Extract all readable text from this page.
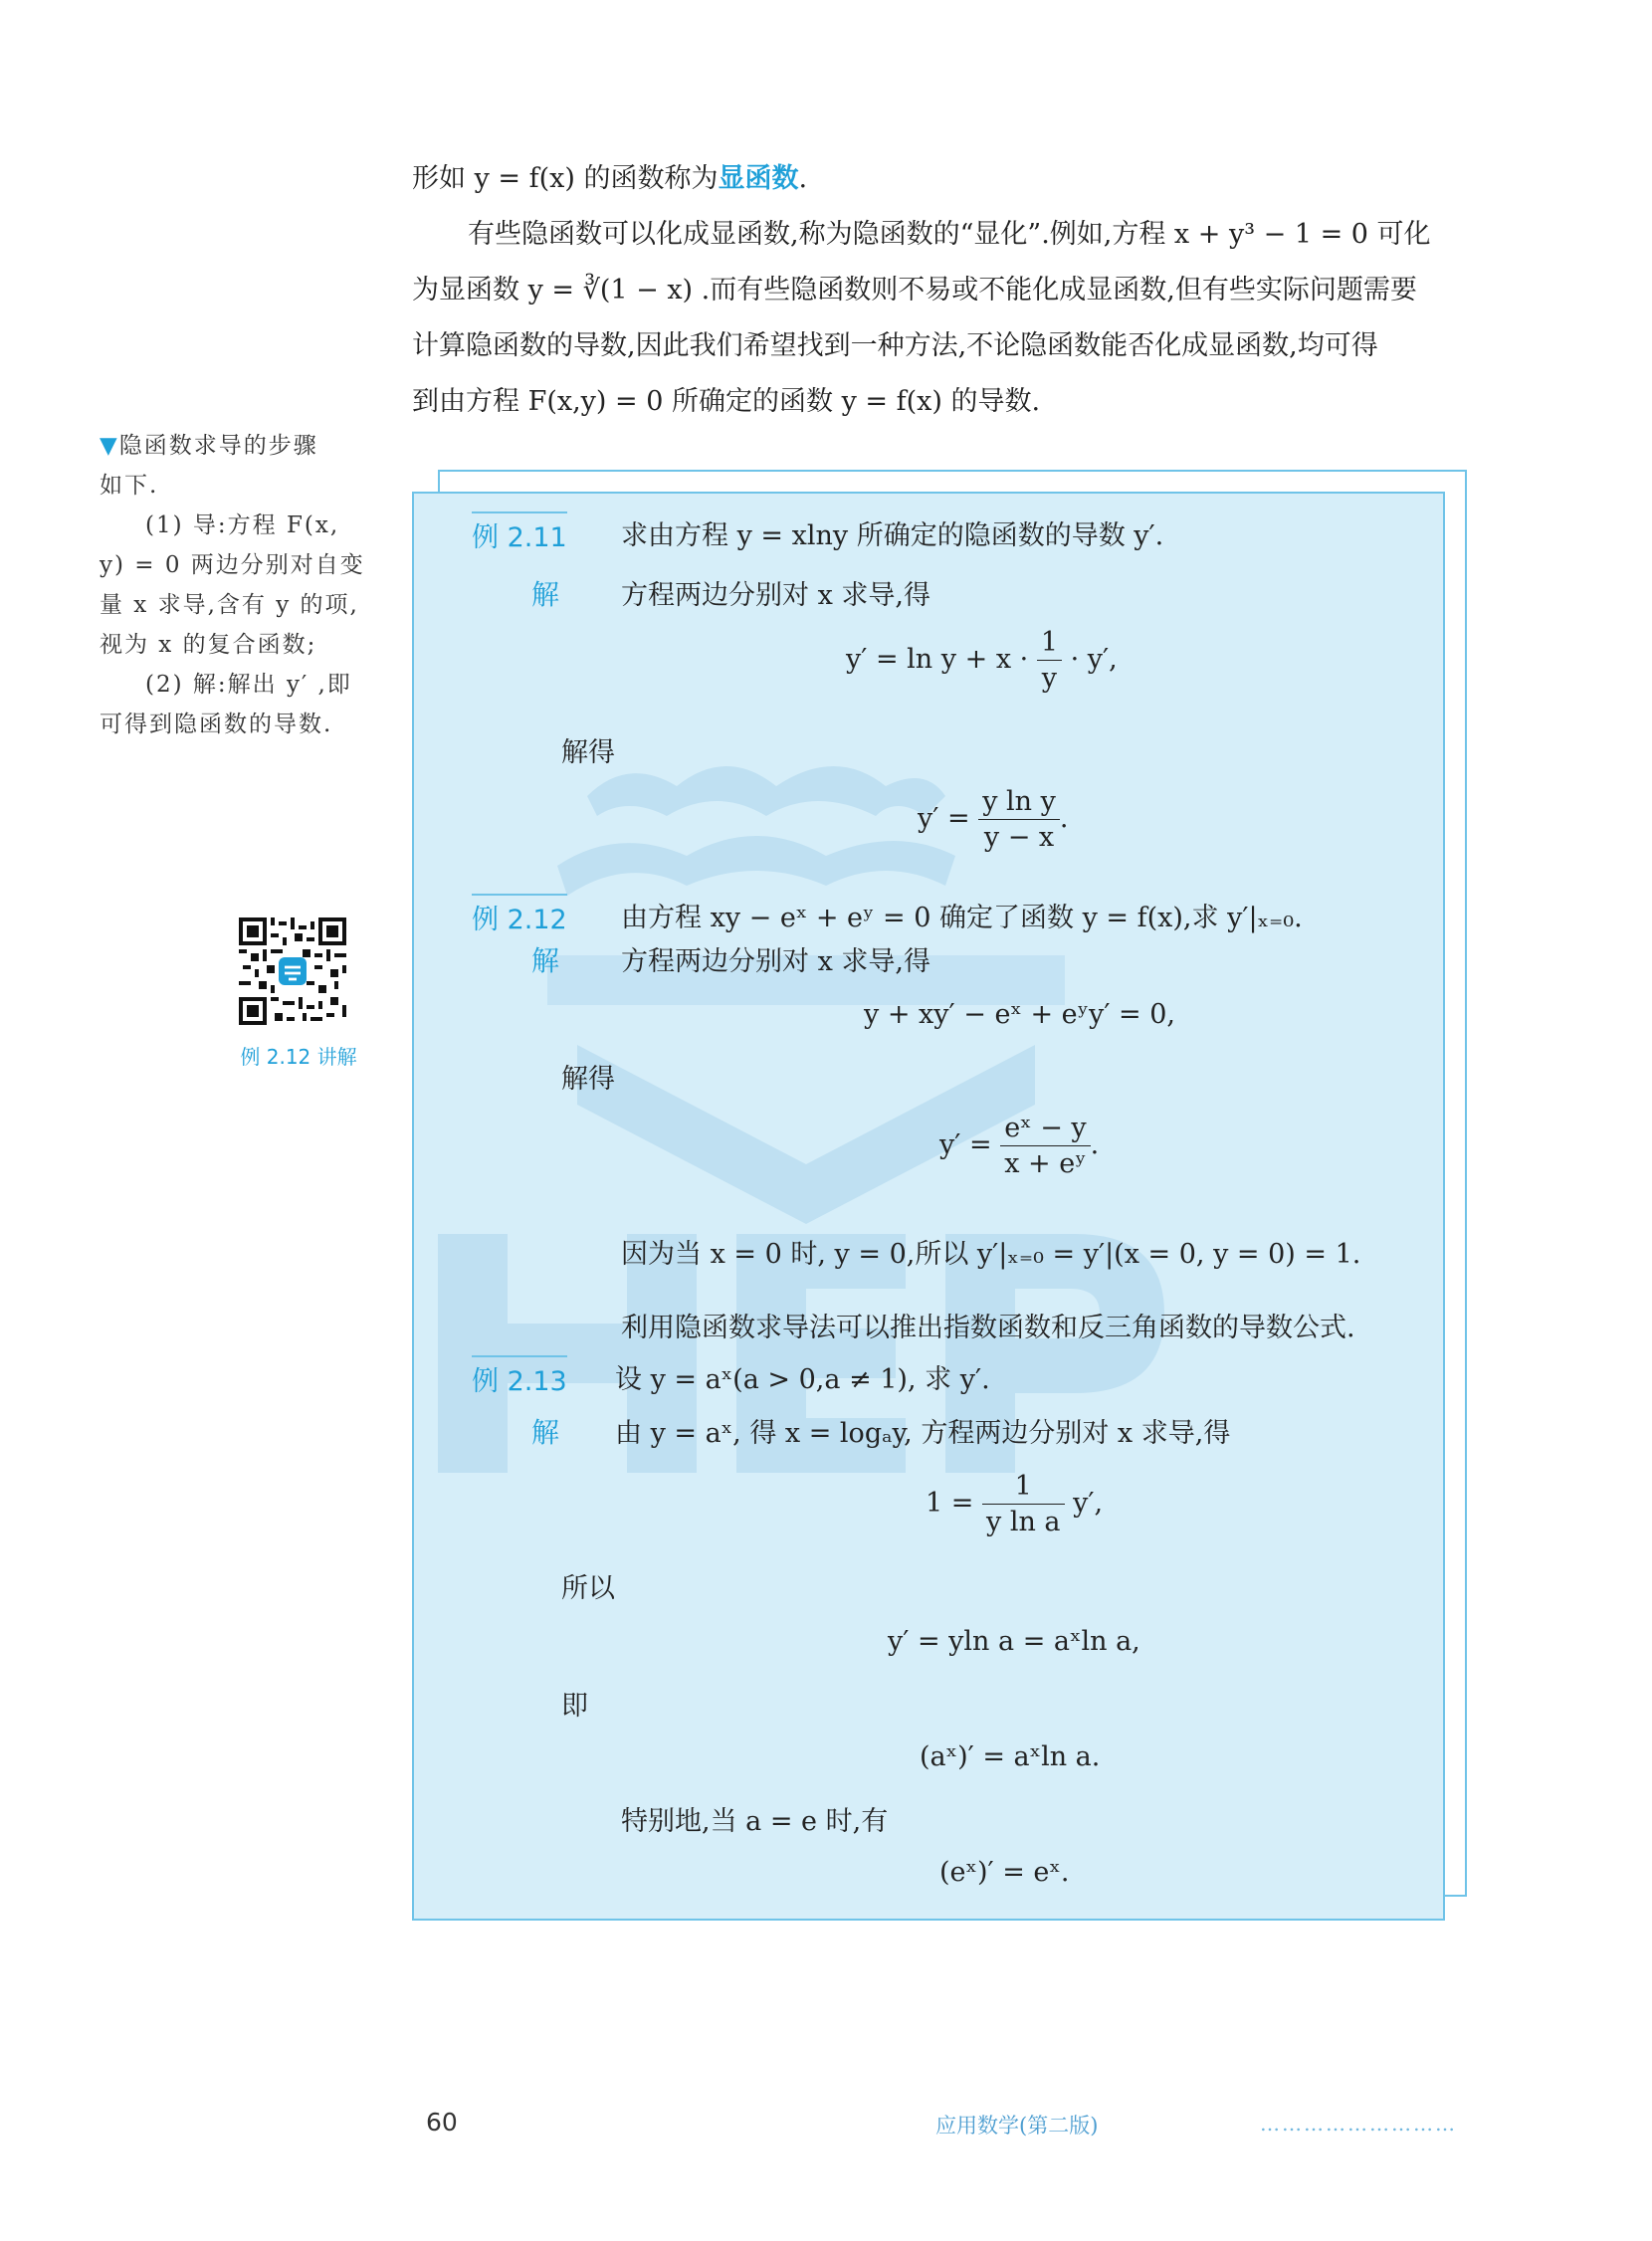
形如 y = f(x) 的函数称为显函数.

有些隐函数可以化成显函数,称为隐函数的“显化”.例如,方程 x + y³ − 1 = 0 可化

为显函数 y = ∛(1 − x) .而有些隐函数则不易或不能化成显函数,但有些实际问题需要

计算隐函数的导数,因此我们希望找到一种方法,不论隐函数能否化成显函数,均可得

到由方程 F(x,y) = 0 所确定的函数 y = f(x) 的导数.

▼隐函数求导的步骤

如下.

(1) 导:方程 F(x,

y) = 0 两边分别对自变

量 x 求导,含有 y 的项,

视为 x 的复合函数;

(2) 解:解出 y′ ,即

可得到隐函数的导数.

例 2.12 讲解
例 2.11 求由方程 y = xlny 所确定的隐函数的导数 y′.
解 方程两边分别对 x 求导,得
$y' = \ln y + x \cdot \frac{1}{y} \cdot y'$,
解得
$y' = \frac{\text{y ln y}}{y - x}$ .
例 2.12 由方程 xy − eˣ + eʸ = 0 确定了函数 y = f(x),求 y′|ₓ₌₀.
解 方程两边分别对 x 求导,得
y + xy′ − eˣ + eʸy′ = 0,
解得
$y' = \frac{\text{eˣ − y}}{\text{x + eʸ}}$ .
因为当 x = 0 时, y = 0,所以 y′|ₓ₌₀ = y′|(x = 0, y = 0) = 1.
利用隐函数求导法可以推出指数函数和反三角函数的导数公式.
例 2.13 设 y = aˣ(a > 0,a ≠ 1), 求 y′.
解 由 y = aˣ, 得 x = logₐy, 方程两边分别对 x 求导,得
$1 = \frac{1}{\text{y ln a}} y'$,
所以
y′ = yln a = aˣln a,
即
(aˣ)′ = aˣln a.
特别地,当 a = e 时,有
(eˣ)′ = eˣ.
60	应用数学(第二版)	………………………
